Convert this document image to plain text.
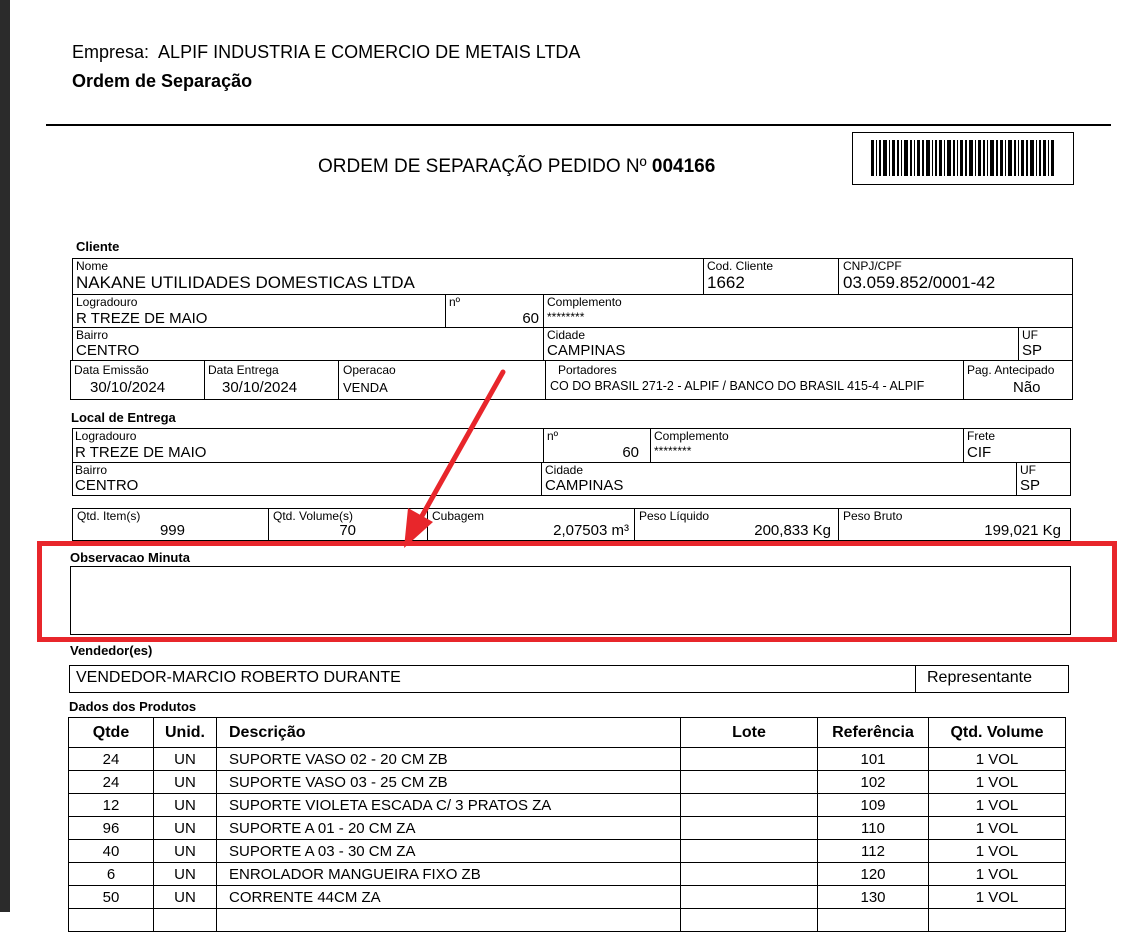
Empresa: ALPIF INDUSTRIA E COMERCIO DE METAIS LTDA
Ordem de Separação
ORDEM DE SEPARAÇÃO PEDIDO Nº 004166
Cliente
Nome
NAKANE UTILIDADES DOMESTICAS LTDA
Cod. Cliente
1662
CNPJ/CPF
03.059.852/0001-42
Logradouro
R TREZE DE MAIO
nº
60
Complemento
********
Bairro
CENTRO
Cidade
CAMPINAS
UF
SP
Data Emissão
30/10/2024
Data Entrega
30/10/2024
Operacao
VENDA
Portadores
CO DO BRASIL 271-2 - ALPIF / BANCO DO BRASIL 415-4 - ALPIF
Pag. Antecipado
Não
Local de Entrega
Logradouro
R TREZE DE MAIO
nº
60
Complemento
********
Frete
CIF
Bairro
CENTRO
Cidade
CAMPINAS
UF
SP
Qtd. Item(s)
999
Qtd. Volume(s)
70
Cubagem
2,07503 m³
Peso Líquido
200,833 Kg
Peso Bruto
199,021 Kg
Observacao Minuta
Vendedor(es)
VENDEDOR-MARCIO ROBERTO DURANTE	Representante
Dados dos Produtos
Qtde	Unid.	Descrição	Lote	Referência	Qtd. Volume
24	UN	SUPORTE VASO 02 - 20 CM ZB		101	1 VOL
24	UN	SUPORTE VASO 03 - 25 CM ZB		102	1 VOL
12	UN	SUPORTE VIOLETA ESCADA C/ 3 PRATOS ZA		109	1 VOL
96	UN	SUPORTE A 01 - 20 CM ZA		110	1 VOL
40	UN	SUPORTE A 03 - 30 CM ZA		112	1 VOL
6	UN	ENROLADOR MANGUEIRA FIXO ZB		120	1 VOL
50	UN	CORRENTE 44CM ZA		130	1 VOL
